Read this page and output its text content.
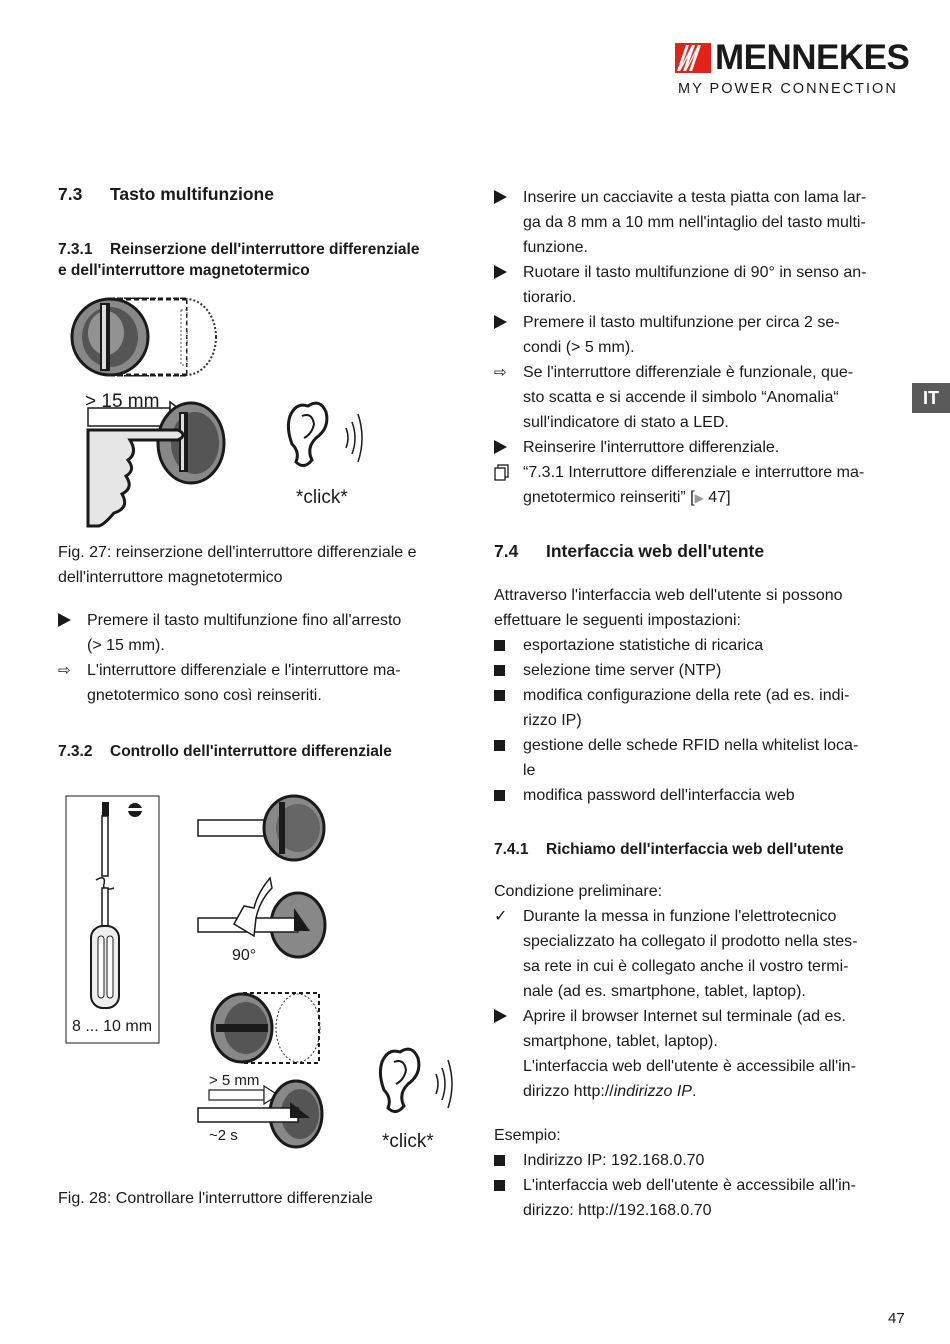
MENNEKES
MY POWER CONNECTION
IT
7.3 Tasto multifunzione
7.3.1 Reinserzione dell'interruttore differenziale
e dell'interruttore magnetotermico
> 15 mm
*click*
Fig. 27: reinserzione dell'interruttore differenziale e
dell'interruttore magnetotermico
Premere il tasto multifunzione fino all'arresto
(> 15 mm).
⇨	L'interruttore differenziale e l'interruttore ma-
gnetotermico sono così reinseriti.
7.3.2 Controllo dell'interruttore differenziale
8 ... 10 mm
90°
> 5 mm
~2 s	*click*
Fig. 28: Controllare l'interruttore differenziale
Inserire un cacciavite a testa piatta con lama lar-
ga da 8 mm a 10 mm nell'intaglio del tasto multi-
funzione.
Ruotare il tasto multifunzione di 90° in senso an-
tiorario.
Premere il tasto multifunzione per circa 2 se-
condi (> 5 mm).
⇨	Se l'interruttore differenziale è funzionale, que-
sto scatta e si accende il simbolo “Anomalia“
sull'indicatore di stato a LED.
Reinserire l'interruttore differenziale.
“7.3.1 Interruttore differenziale e interruttore ma-
gnetotermico reinseriti” [▶ 47]
7.4 Interfaccia web dell'utente
Attraverso l'interfaccia web dell'utente si possono
effettuare le seguenti impostazioni:
esportazione statistiche di ricarica
selezione time server (NTP)
modifica configurazione della rete (ad es. indi-
rizzo IP)
gestione delle schede RFID nella whitelist loca-
le
modifica password dell'interfaccia web
7.4.1 Richiamo dell'interfaccia web dell'utente
Condizione preliminare:
✓ Durante la messa in funzione l'elettrotecnico
specializzato ha collegato il prodotto nella stes-
sa rete in cui è collegato anche il vostro termi-
nale (ad es. smartphone, tablet, laptop).
Aprire il browser Internet sul terminale (ad es.
smartphone, tablet, laptop).
L'interfaccia web dell'utente è accessibile all'in-
dirizzo http://indirizzo IP.
Esempio:
Indirizzo IP: 192.168.0.70
L'interfaccia web dell'utente è accessibile all'in-
dirizzo: http://192.168.0.70
47
